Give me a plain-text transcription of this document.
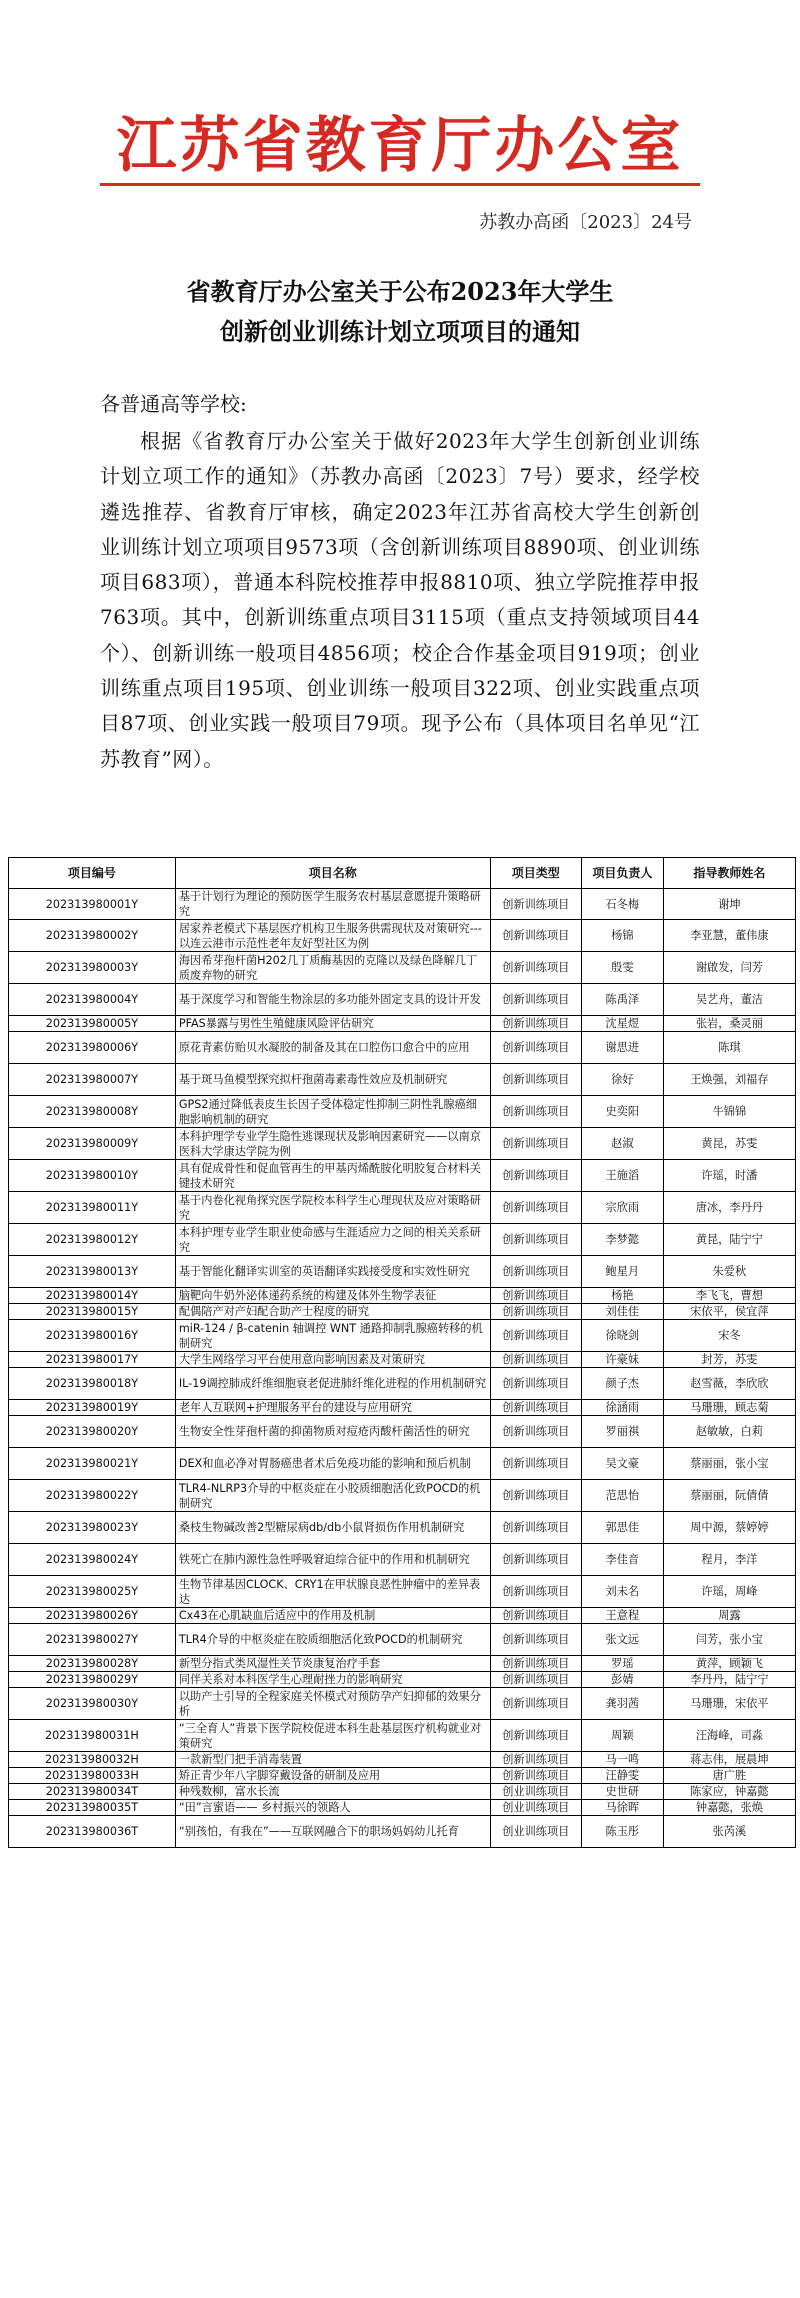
江苏省教育厅办公室
苏教办高函〔2023〕24号
省教育厅办公室关于公布2023年大学生
创新创业训练计划立项项目的通知
各普通高等学校:
根据《省教育厅办公室关于做好2023年大学生创新创业训练计划立项工作的通知》（苏教办高函〔2023〕7号）要求，经学校遴选推荐、省教育厅审核，确定2023年江苏省高校大学生创新创业训练计划立项项目9573项（含创新训练项目8890项、创业训练项目683项），普通本科院校推荐申报8810项、独立学院推荐申报763项。其中，创新训练重点项目3115项（重点支持领域项目44个）、创新训练一般项目4856项；校企合作基金项目919项；创业训练重点项目195项、创业训练一般项目322项、创业实践重点项目87项、创业实践一般项目79项。现予公布（具体项目名单见“江苏教育”网）。
项目编号	项目名称	项目类型	项目负责人	指导教师姓名
202313980001Y	基于计划行为理论的预防医学生服务农村基层意愿提升策略研究	创新训练项目	石冬梅	谢坤
202313980002Y	居家养老模式下基层医疗机构卫生服务供需现状及对策研究---以连云港市示范性老年友好型社区为例	创新训练项目	杨锦	李亚慧，董伟康
202313980003Y	海因希芽孢杆菌H202几丁质酶基因的克隆以及绿色降解几丁质废弃物的研究	创新训练项目	殷雯	谢啟发，闫芳
202313980004Y	基于深度学习和智能生物涂层的多功能外固定支具的设计开发	创新训练项目	陈禹泽	吴艺舟，董洁
202313980005Y	PFAS暴露与男性生殖健康风险评估研究	创新训练项目	沈星煜	张岩，桑灵丽
202313980006Y	原花青素仿贻贝水凝胶的制备及其在口腔伤口愈合中的应用	创新训练项目	谢思进	陈琪
202313980007Y	基于斑马鱼模型探究拟杆孢菌毒素毒性效应及机制研究	创新训练项目	徐好	王焕强，刘福存
202313980008Y	GPS2通过降低表皮生长因子受体稳定性抑制三阴性乳腺癌细胞影响机制的研究	创新训练项目	史奕阳	牛锦锦
202313980009Y	本科护理学专业学生隐性逃课现状及影响因素研究——以南京医科大学康达学院为例	创新训练项目	赵淑	黄昆，苏雯
202313980010Y	具有促成骨性和促血管再生的甲基丙烯酰胺化明胶复合材料关键技术研究	创新训练项目	王施滔	许瑶，时潘
202313980011Y	基于内卷化视角探究医学院校本科学生心理现状及应对策略研究	创新训练项目	宗欣雨	唐冰，李丹丹
202313980012Y	本科护理专业学生职业使命感与生涯适应力之间的相关关系研究	创新训练项目	李梦懿	黄昆，陆宁宁
202313980013Y	基于智能化翻译实训室的英语翻译实践接受度和实效性研究	创新训练项目	鲍星月	朱爱秋
202313980014Y	脑靶向牛奶外泌体递药系统的构建及体外生物学表征	创新训练项目	杨艳	李飞飞，曹想
202313980015Y	配偶陪产对产妇配合助产士程度的研究	创新训练项目	刘佳佳	宋依平，侯宜萍
202313980016Y	miR-124 / β-catenin 轴调控 WNT 通路抑制乳腺癌转移的机制研究	创新训练项目	徐晓剑	宋冬
202313980017Y	大学生网络学习平台使用意向影响因素及对策研究	创新训练项目	许豪妹	封芳，苏雯
202313980018Y	IL-19调控肺成纤维细胞衰老促进肺纤维化进程的作用机制研究	创新训练项目	颜子杰	赵雪薇，李欣欣
202313980019Y	老年人互联网+护理服务平台的建设与应用研究	创新训练项目	徐涵雨	马珊珊，顾志菊
202313980020Y	生物安全性芽孢杆菌的抑菌物质对痘疮丙酸杆菌活性的研究	创新训练项目	罗丽祺	赵敏敏，白莉
202313980021Y	DEX和血必净对胃肠癌患者术后免疫功能的影响和预后机制	创新训练项目	吴文豪	蔡丽丽，张小宝
202313980022Y	TLR4-NLRP3介导的中枢炎症在小胶质细胞活化致POCD的机制研究	创新训练项目	范思怡	蔡丽丽，阮倩倩
202313980023Y	桑枝生物碱改善2型糖尿病db/db小鼠肾损伤作用机制研究	创新训练项目	郭思佳	周中源，蔡婷婷
202313980024Y	铁死亡在肺内源性急性呼吸窘迫综合征中的作用和机制研究	创新训练项目	李佳音	程月，李洋
202313980025Y	生物节律基因CLOCK、CRY1在甲状腺良恶性肿瘤中的差异表达	创新训练项目	刘未名	许瑶，周峰
202313980026Y	Cx43在心肌缺血后适应中的作用及机制	创新训练项目	王意程	周露
202313980027Y	TLR4介导的中枢炎症在胶质细胞活化致POCD的机制研究	创新训练项目	张文远	闫芳，张小宝
202313980028Y	新型分指式类风湿性关节炎康复治疗手套	创新训练项目	罗瑶	黄萍，顾颖飞
202313980029Y	同伴关系对本科医学生心理耐挫力的影响研究	创新训练项目	彭婧	李丹丹，陆宁宁
202313980030Y	以助产士引导的全程家庭关怀模式对预防孕产妇抑郁的效果分析	创新训练项目	龚羽茜	马珊珊，宋依平
202313980031H	“三全育人”背景下医学院校促进本科生赴基层医疗机构就业对策研究	创新训练项目	周颖	汪海峰，司淼
202313980032H	一款新型门把手消毒装置	创新训练项目	马一鸣	蒋志伟，展晨坤
202313980033H	矫正青少年八字脚穿戴设备的研制及应用	创新训练项目	汪静雯	唐广胜
202313980034T	种残数柳，富水长流	创业训练项目	史世研	陈家应，钟嘉懿
202313980035T	“田”言蜜语—— 乡村振兴的领路人	创业训练项目	马徐晖	钟嘉懿，张焕
202313980036T	“别孩怕，有我在”——互联网融合下的职场妈妈幼儿托育	创业训练项目	陈玉彤	张芮溪
